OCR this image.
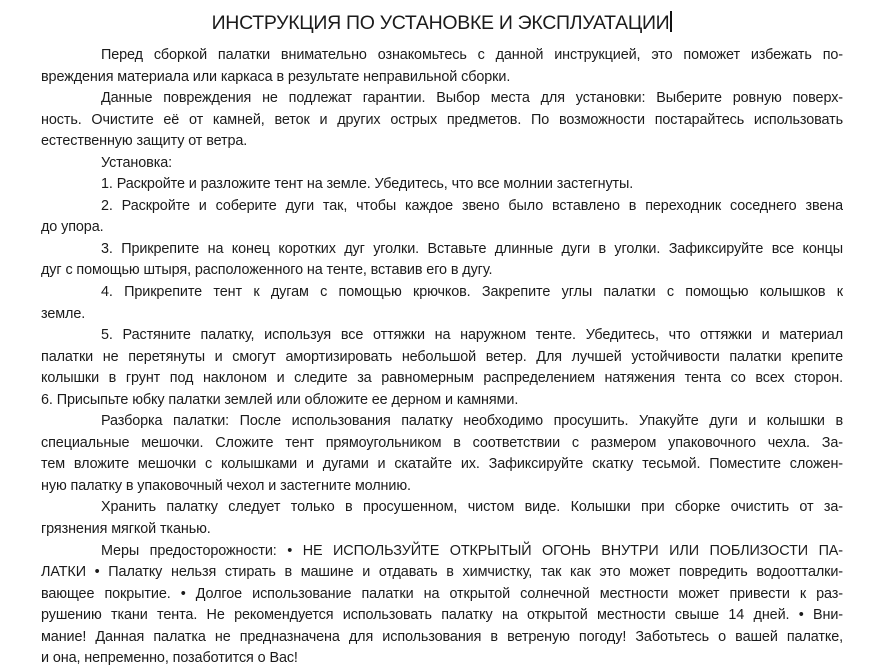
ИНСТРУКЦИЯ ПО УСТАНОВКЕ И ЭКСПЛУАТАЦИИ
Перед сборкой палатки внимательно ознакомьтесь с данной инструкцией, это поможет избежать по-
вреждения материала или каркаса в результате неправильной сборки.
Данные повреждения не подлежат гарантии. Выбор места для установки: Выберите ровную поверх-
ность. Очистите её от камней, веток и других острых предметов. По возможности постарайтесь использовать
естественную защиту от ветра.
Установка:
1. Раскройте и разложите тент на земле. Убедитесь, что все молнии застегнуты.
2. Раскройте и соберите дуги так, чтобы каждое звено было вставлено в переходник соседнего звена
до упора.
3. Прикрепите на конец коротких дуг уголки. Вставьте длинные дуги в уголки. Зафиксируйте все концы
дуг с помощью штыря, расположенного на тенте, вставив его в дугу.
4. Прикрепите тент к дугам с помощью крючков. Закрепите углы палатки с помощью колышков к
земле.
5. Растяните палатку, используя все оттяжки на наружном тенте. Убедитесь, что оттяжки и материал
палатки не перетянуты и смогут амортизировать небольшой ветер. Для лучшей устойчивости палатки крепите
колышки в грунт под наклоном и следите за равномерным распределением натяжения тента со всех сторон.
6. Присыпьте юбку палатки землей или обложите ее дерном и камнями.
Разборка палатки: После использования палатку необходимо просушить. Упакуйте дуги и колышки в
специальные мешочки. Сложите тент прямоугольником в соответствии с размером упаковочного чехла. За-
тем вложите мешочки с колышками и дугами и скатайте их. Зафиксируйте скатку тесьмой. Поместите сложен-
ную палатку в упаковочный чехол и застегните молнию.
Хранить палатку следует только в просушенном, чистом виде. Колышки при сборке очистить от за-
грязнения мягкой тканью.
Меры предосторожности: • НЕ ИСПОЛЬЗУЙТЕ ОТКРЫТЫЙ ОГОНЬ ВНУТРИ ИЛИ ПОБЛИЗОСТИ ПА-
ЛАТКИ • Палатку нельзя стирать в машине и отдавать в химчистку, так как это может повредить водоотталки-
вающее покрытие. • Долгое использование палатки на открытой солнечной местности может привести к раз-
рушению ткани тента. Не рекомендуется использовать палатку на открытой местности свыше 14 дней. • Вни-
мание! Данная палатка не предназначена для использования в ветреную погоду! Заботьтесь о вашей палатке,
и она, непременно, позаботится о Вас!
